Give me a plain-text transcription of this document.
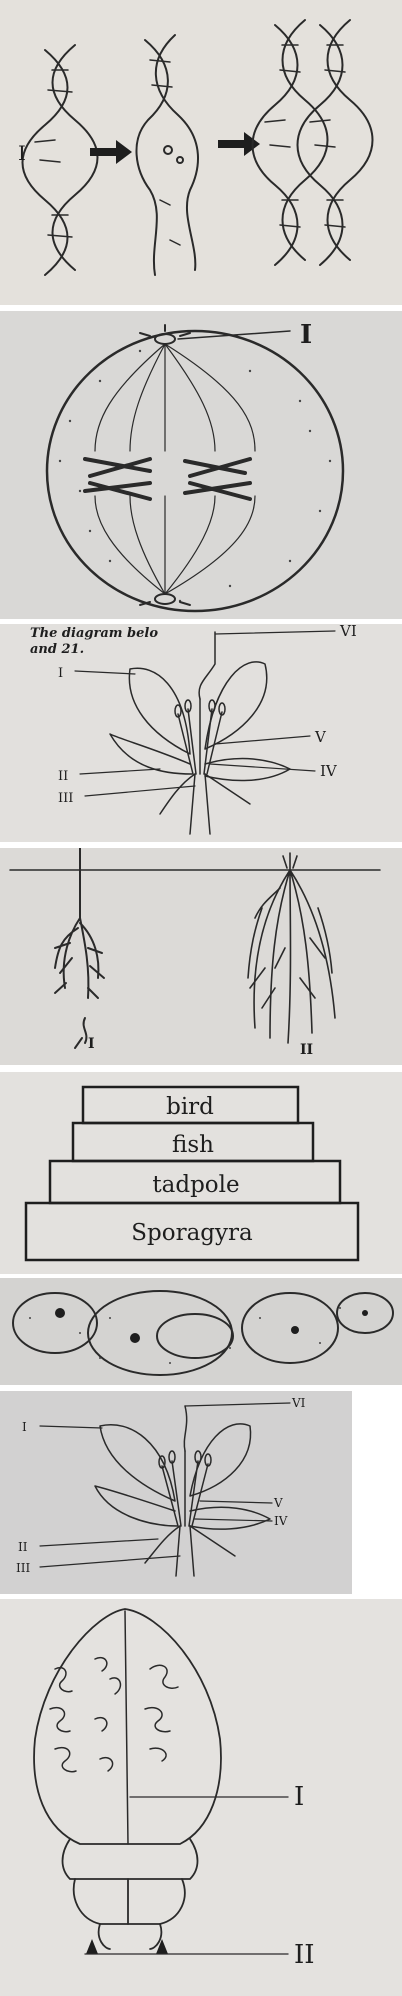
I
I
The diagram belo
and 21.
I
II
III
IV
V
VI
I	II
bird
fish
tadpole
Sporagyra
I
II
III
IV
V
VI
I
II
